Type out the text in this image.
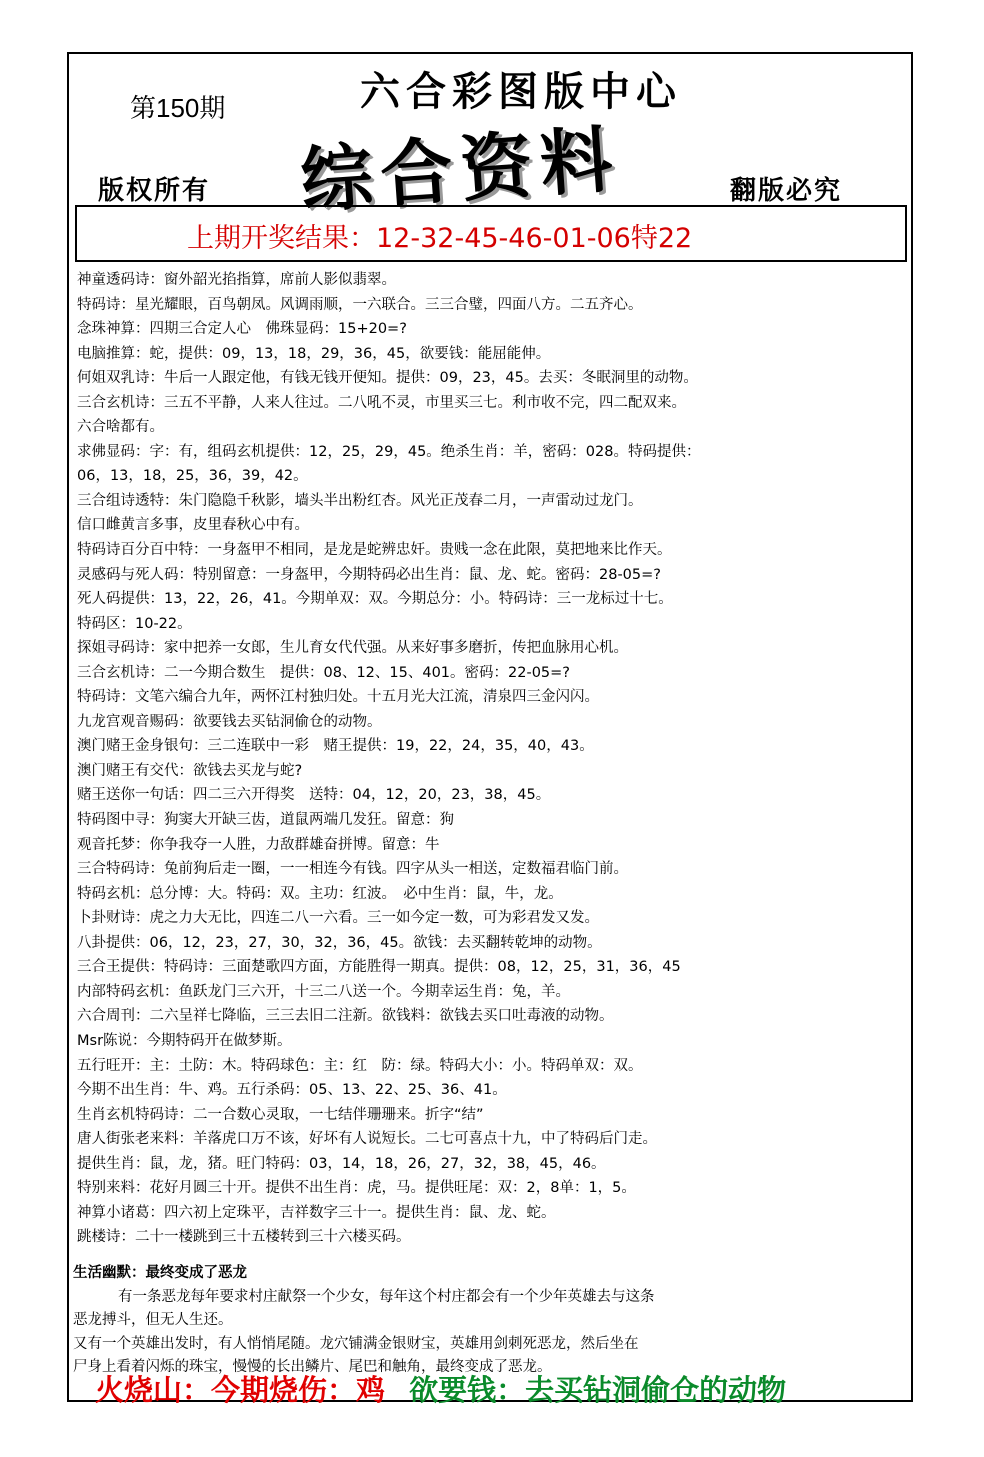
第150期	六合彩图版中心
综合资料
版权所有	翻版必究
上期开奖结果：12-32-45-46-01-06特22
神童透码诗：窗外韶光掐指算，席前人影似翡翠。
特码诗：星光耀眼，百鸟朝凤。风调雨顺，一六联合。三三合璧，四面八方。二五齐心。
念珠神算：四期三合定人心　佛珠显码：15+20=?
电脑推算：蛇，提供：09，13，18，29，36，45，欲要钱：能屈能伸。
何姐双乳诗：牛后一人跟定他，有钱无钱开便知。提供：09，23，45。去买：冬眠洞里的动物。
三合玄机诗：三五不平静，人来人往过。二八吼不灵，市里买三七。利市收不完，四二配双来。
六合啥都有。
求佛显码：字：有，组码玄机提供：12，25，29，45。绝杀生肖：羊，密码：028。特码提供：
06，13，18，25，36，39，42。
三合组诗透特：朱门隐隐千秋影，墙头半出粉红杏。风光正茂春二月，一声雷动过龙门。
信口雌黄言多事，皮里春秋心中有。
特码诗百分百中特：一身盔甲不相同，是龙是蛇辨忠奸。贵贱一念在此限，莫把地来比作天。
灵感码与死人码：特别留意：一身盔甲，今期特码必出生肖：鼠、龙、蛇。密码：28-05=?
死人码提供：13，22，26，41。今期单双：双。今期总分：小。特码诗：三一龙标过十七。
特码区：10-22。
探姐寻码诗：家中把养一女郎，生儿育女代代强。从来好事多磨折，传把血脉用心机。
三合玄机诗：二一今期合数生　提供：08、12、15、401。密码：22-05=?
特码诗：文笔六编合九年，两怀江村独归处。十五月光大江流，清泉四三金闪闪。
九龙宫观音赐码：欲要钱去买钻洞偷仓的动物。
澳门赌王金身银句：三二连联中一彩　赌王提供：19，22，24，35，40，43。
澳门赌王有交代：欲钱去买龙与蛇?
赌王送你一句话：四二三六开得奖　送特：04，12，20，23，38，45。
特码图中寻：狗窦大开缺三齿，道鼠两端几发狂。留意：狗
观音托梦：你争我夺一人胜，力敌群雄奋拼博。留意：牛
三合特码诗：兔前狗后走一圈，一一相连今有钱。四字从头一相送，定数福君临门前。
特码玄机：总分博：大。特码：双。主功：红波。　必中生肖：鼠，牛，龙。
卜卦财诗：虎之力大无比，四连二八一六看。三一如今定一数，可为彩君发又发。
八卦提供：06，12，23，27，30，32，36，45。欲钱：去买翻转乾坤的动物。
三合王提供：特码诗：三面楚歌四方面，方能胜得一期真。提供：08，12，25，31，36，45
内部特码玄机：鱼跃龙门三六开，十三二八送一个。今期幸运生肖：兔，羊。
六合周刊：二六呈祥七降临，三三去旧二注新。欲钱料：欲钱去买口吐毒液的动物。
Msr陈说：今期特码开在做梦斯。
五行旺开：主：土防：木。特码球色：主：红　防：绿。特码大小：小。特码单双：双。
今期不出生肖：牛、鸡。五行杀码：05、13、22、25、36、41。
生肖玄机特码诗：二一合数心灵取，一七结伴珊珊来。折字“结”
唐人街张老来料：羊落虎口万不该，好坏有人说短长。二七可喜点十九，中了特码后门走。
提供生肖：鼠，龙，猪。旺门特码：03，14，18，26，27，32，38，45，46。
特别来料：花好月圆三十开。提供不出生肖：虎，马。提供旺尾：双：2，8单：1，5。
神算小诸葛：四六初上定珠平，吉祥数字三十一。提供生肖：鼠、龙、蛇。
跳楼诗：二十一楼跳到三十五楼转到三十六楼买码。
生活幽默：最终变成了恶龙
有一条恶龙每年要求村庄献祭一个少女，每年这个村庄都会有一个少年英雄去与这条
恶龙搏斗，但无人生还。
又有一个英雄出发时，有人悄悄尾随。龙穴铺满金银财宝，英雄用剑刺死恶龙，然后坐在
尸身上看着闪烁的珠宝，慢慢的长出鳞片、尾巴和触角，最终变成了恶龙。
火烧山：今期烧伤：鸡 欲要钱：去买钻洞偷仓的动物
